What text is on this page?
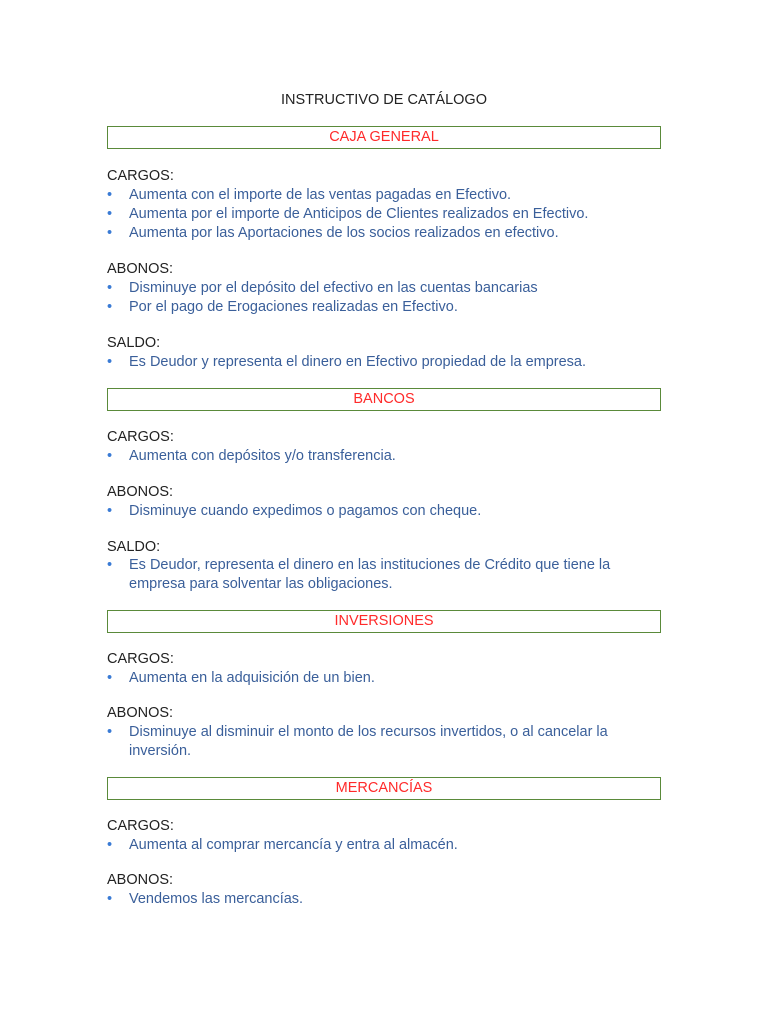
INSTRUCTIVO DE CATÁLOGO
CAJA GENERAL
CARGOS:
•	Aumenta con el importe de las ventas pagadas en Efectivo.
•	Aumenta por el importe de Anticipos de Clientes realizados en Efectivo.
•	Aumenta por las Aportaciones de los socios realizados en efectivo.
ABONOS:
•	Disminuye por el depósito del efectivo en las cuentas bancarias
•	Por el pago de Erogaciones realizadas en Efectivo.
SALDO:
•	Es Deudor y representa el dinero en Efectivo propiedad de la empresa.
BANCOS
CARGOS:
•	Aumenta con depósitos y/o transferencia.
ABONOS:
•	Disminuye cuando expedimos o pagamos con cheque.
SALDO:
•	Es Deudor, representa el dinero en las instituciones de Crédito que tiene la empresa para solventar las obligaciones.
INVERSIONES
CARGOS:
•	Aumenta en la adquisición de un bien.
ABONOS:
•	Disminuye al disminuir el monto de los recursos invertidos, o al cancelar la inversión.
MERCANCÍAS
CARGOS:
•	Aumenta al comprar mercancía y entra al almacén.
ABONOS:
•	Vendemos las mercancías.
